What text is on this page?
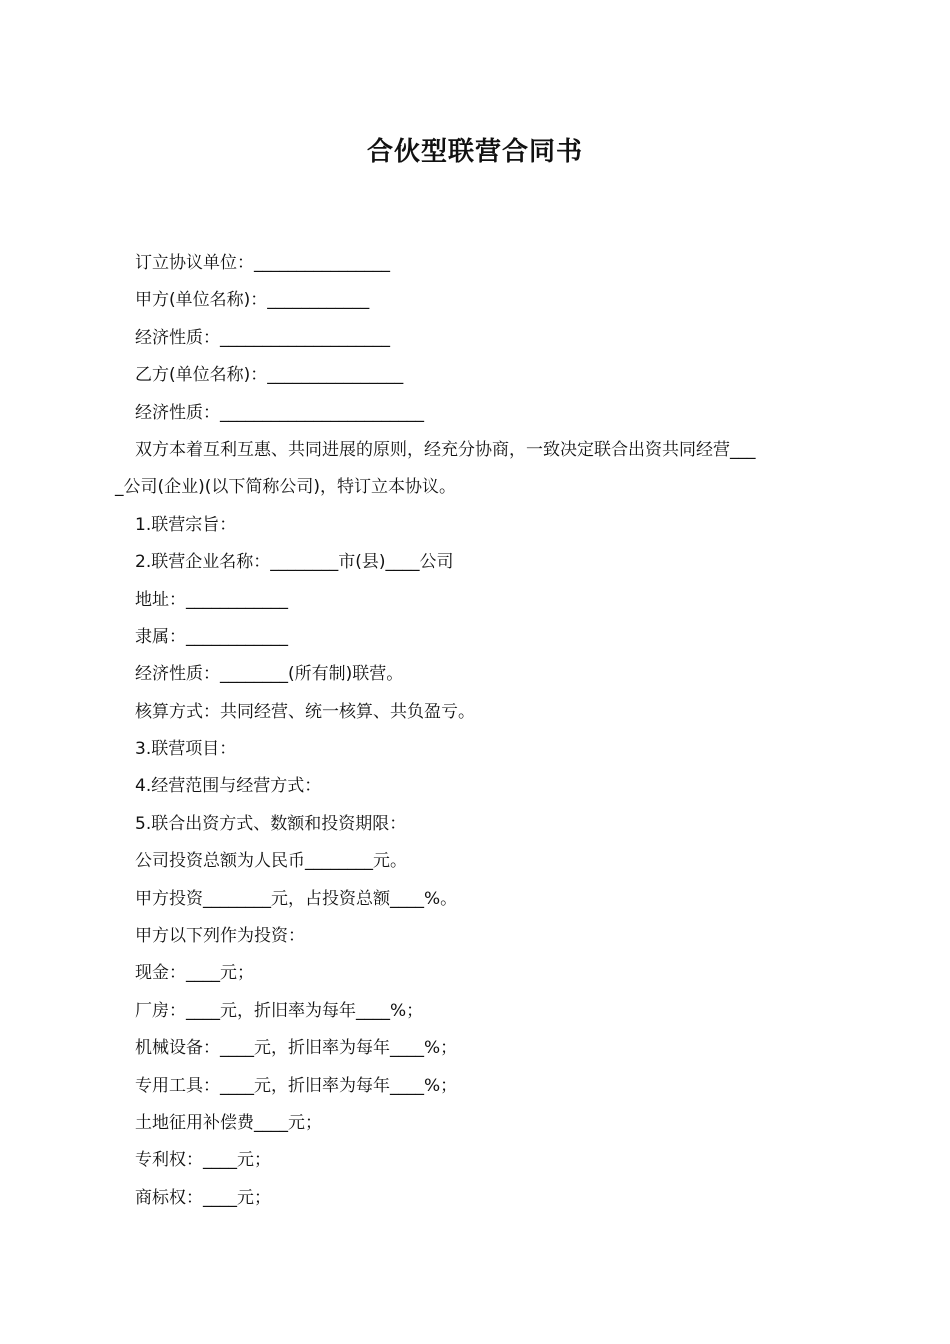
合伙型联营合同书
订立协议单位：________________
甲方(单位名称)：____________
经济性质：____________________
乙方(单位名称)：________________
经济性质：________________________
双方本着互利互惠、共同进展的原则，经充分协商，一致决定联合出资共同经营___
_公司(企业)(以下简称公司)，特订立本协议。
1.联营宗旨：
2.联营企业名称：________市(县)____公司
地址：____________
隶属：____________
经济性质：________(所有制)联营。
核算方式：共同经营、统一核算、共负盈亏。
3.联营项目：
4.经营范围与经营方式：
5.联合出资方式、数额和投资期限：
公司投资总额为人民币________元。
甲方投资________元，占投资总额____%。
甲方以下列作为投资：
现金：____元；
厂房：____元，折旧率为每年____%；
机械设备：____元，折旧率为每年____%；
专用工具：____元，折旧率为每年____%；
土地征用补偿费____元；
专利权：____元；
商标权：____元；
